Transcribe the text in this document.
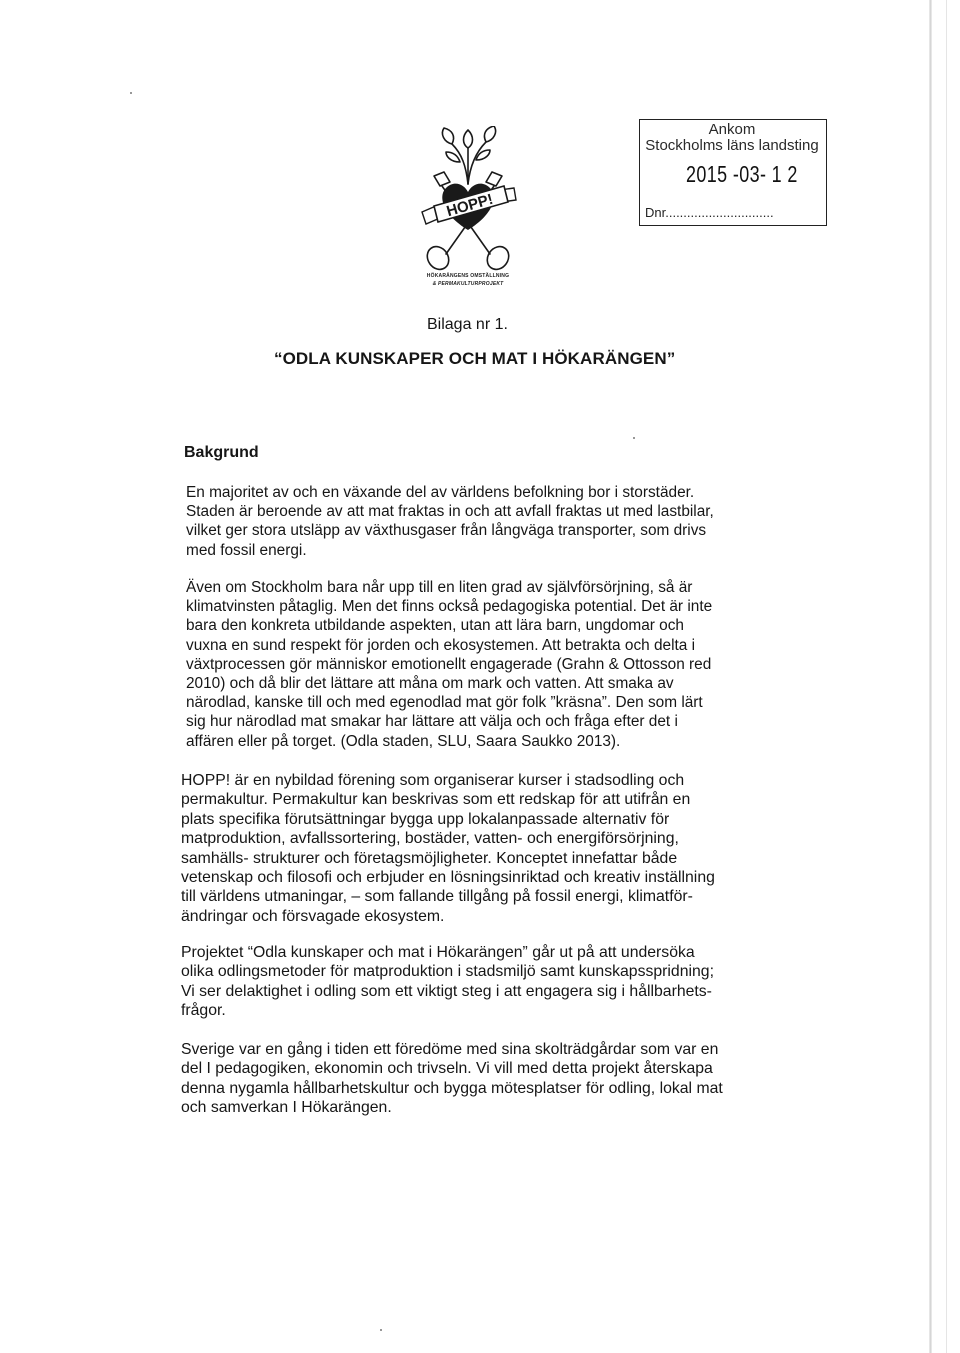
HOPP!
HÖKARÄNGENS OMSTÄLLNING
& PERMAKULTURPROJEKT
Ankom
Stockholms läns landsting
2015 -03- 1 2
Dnr..............................
Bilaga nr 1.
“ODLA KUNSKAPER OCH MAT I HÖKARÄNGEN”
Bakgrund
En majoritet av och en växande del av världens befolkning bor i storstäder.
Staden är beroende av att mat fraktas in och att avfall fraktas ut med lastbilar,
vilket ger stora utsläpp av växthusgaser från långväga transporter, som drivs
med fossil energi.
Även om Stockholm bara når upp till en liten grad av självförsörjning, så är
klimatvinsten påtaglig. Men det finns också pedagogiska potential. Det är inte
bara den konkreta utbildande aspekten, utan att lära barn, ungdomar och
vuxna en sund respekt för jorden och ekosystemen. Att betrakta och delta i
växtprocessen gör människor emotionellt engagerade (Grahn & Ottosson red
2010) och då blir det lättare att måna om mark och vatten. Att smaka av
närodlad, kanske till och med egenodlad mat gör folk ”kräsna”. Den som lärt
sig hur närodlad mat smakar har lättare att välja och och fråga efter det i
affären eller på torget. (Odla staden, SLU, Saara Saukko 2013).
HOPP! är en nybildad förening som organiserar kurser i stadsodling och
permakultur. Permakultur kan beskrivas som ett redskap för att utifrån en
plats specifika förutsättningar bygga upp lokalanpassade alternativ för
matproduktion, avfallssortering, bostäder, vatten- och energiförsörjning,
samhälls- strukturer och företagsmöjligheter. Konceptet innefattar både
vetenskap och filosofi och erbjuder en lösningsinriktad och kreativ inställning
till världens utmaningar, – som fallande tillgång på fossil energi, klimatför-
ändringar och försvagade ekosystem.
Projektet “Odla kunskaper och mat i Hökarängen” går ut på att undersöka
olika odlingsmetoder för matproduktion i stadsmiljö samt kunskapsspridning;
Vi ser delaktighet i odling som ett viktigt steg i att engagera sig i hållbarhets-
frågor.
Sverige var en gång i tiden ett föredöme med sina skolträdgårdar som var en
del I pedagogiken, ekonomin och trivseln. Vi vill med detta projekt återskapa
denna nygamla hållbarhetskultur och bygga mötesplatser för odling, lokal mat
och samverkan I Hökarängen.
